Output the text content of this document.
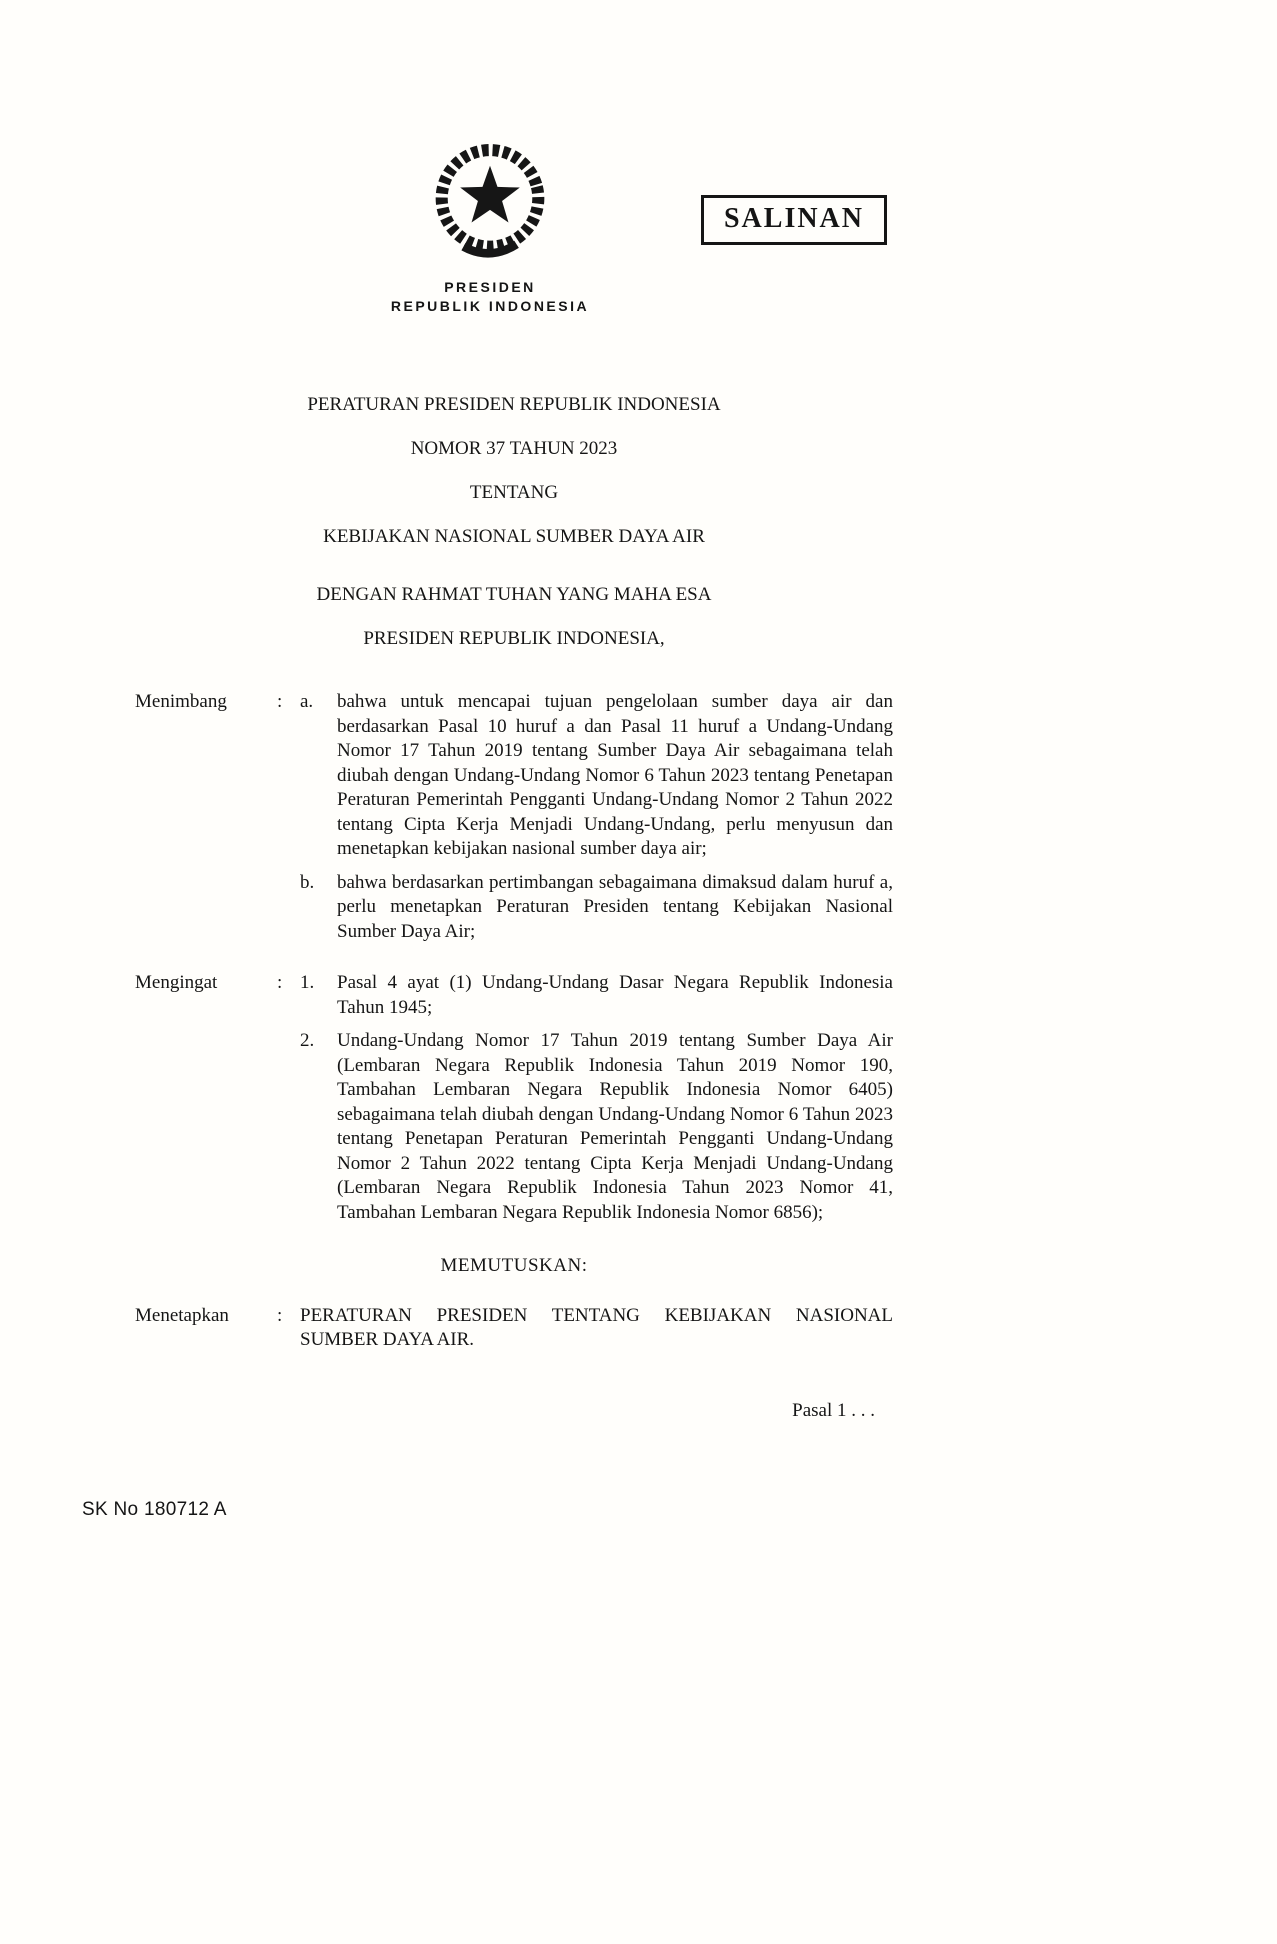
PRESIDEN
REPUBLIK INDONESIA
SALINAN

PERATURAN PRESIDEN REPUBLIK INDONESIA

NOMOR 37 TAHUN 2023

TENTANG

KEBIJAKAN NASIONAL SUMBER DAYA AIR

DENGAN RAHMAT TUHAN YANG MAHA ESA

PRESIDEN REPUBLIK INDONESIA,

Menimbang	: a.	bahwa untuk mencapai tujuan pengelolaan sumber daya air dan berdasarkan Pasal 10 huruf a dan Pasal 11 huruf a Undang-Undang Nomor 17 Tahun 2019 tentang Sumber Daya Air sebagaimana telah diubah dengan Undang-Undang Nomor 6 Tahun 2023 tentang Penetapan Peraturan Pemerintah Pengganti Undang-Undang Nomor 2 Tahun 2022 tentang Cipta Kerja Menjadi Undang-Undang, perlu menyusun dan menetapkan kebijakan nasional sumber daya air;
b.	bahwa berdasarkan pertimbangan sebagaimana dimaksud dalam huruf a, perlu menetapkan Peraturan Presiden tentang Kebijakan Nasional Sumber Daya Air;
Mengingat	: 1.	Pasal 4 ayat (1) Undang-Undang Dasar Negara Republik Indonesia Tahun 1945;
2.	Undang-Undang Nomor 17 Tahun 2019 tentang Sumber Daya Air (Lembaran Negara Republik Indonesia Tahun 2019 Nomor 190, Tambahan Lembaran Negara Republik Indonesia Nomor 6405) sebagaimana telah diubah dengan Undang-Undang Nomor 6 Tahun 2023 tentang Penetapan Peraturan Pemerintah Pengganti Undang-Undang Nomor 2 Tahun 2022 tentang Cipta Kerja Menjadi Undang-Undang (Lembaran Negara Republik Indonesia Tahun 2023 Nomor 41, Tambahan Lembaran Negara Republik Indonesia Nomor 6856);
MEMUTUSKAN:
Menetapkan	: PERATURAN PRESIDEN TENTANG KEBIJAKAN NASIONAL SUMBER DAYA AIR.
Pasal 1 . . .
SK No 180712 A
